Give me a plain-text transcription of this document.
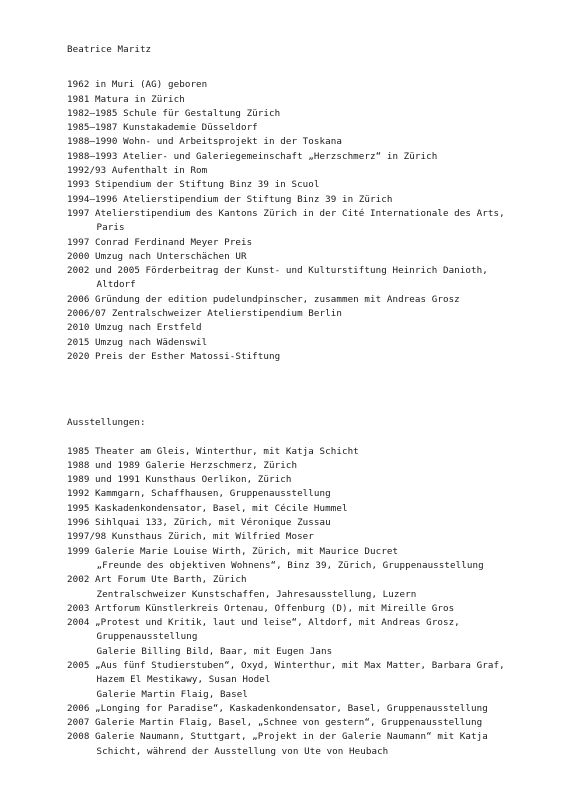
Beatrice Maritz
1962 in Muri (AG) geboren
1981 Matura in Zürich
1982–1985 Schule für Gestaltung Zürich
1985–1987 Kunstakademie Düsseldorf
1988–1990 Wohn- und Arbeitsprojekt in der Toskana
1988–1993 Atelier- und Galeriegemeinschaft „Herzschmerz“ in Zürich
1992/93 Aufenthalt in Rom
1993 Stipendium der Stiftung Binz 39 in Scuol
1994–1996 Atelierstipendium der Stiftung Binz 39 in Zürich
1997 Atelierstipendium des Kantons Zürich in der Cité Internationale des Arts,
Paris
1997 Conrad Ferdinand Meyer Preis
2000 Umzug nach Unterschächen UR
2002 und 2005 Förderbeitrag der Kunst- und Kulturstiftung Heinrich Danioth,
Altdorf
2006 Gründung der edition pudelundpinscher, zusammen mit Andreas Grosz
2006/07 Zentralschweizer Atelierstipendium Berlin
2010 Umzug nach Erstfeld
2015 Umzug nach Wädenswil
2020 Preis der Esther Matossi-Stiftung
Ausstellungen:
1985 Theater am Gleis, Winterthur, mit Katja Schicht
1988 und 1989 Galerie Herzschmerz, Zürich
1989 und 1991 Kunsthaus Oerlikon, Zürich
1992 Kammgarn, Schaffhausen, Gruppenausstellung
1995 Kaskadenkondensator, Basel, mit Cécile Hummel
1996 Sihlquai 133, Zürich, mit Véronique Zussau
1997/98 Kunsthaus Zürich, mit Wilfried Moser
1999 Galerie Marie Louise Wirth, Zürich, mit Maurice Ducret
„Freunde des objektiven Wohnens“, Binz 39, Zürich, Gruppenausstellung
2002 Art Forum Ute Barth, Zürich
Zentralschweizer Kunstschaffen, Jahresausstellung, Luzern
2003 Artforum Künstlerkreis Ortenau, Offenburg (D), mit Mireille Gros
2004 „Protest und Kritik, laut und leise“, Altdorf, mit Andreas Grosz,
Gruppenausstellung
Galerie Billing Bild, Baar, mit Eugen Jans
2005 „Aus fünf Studierstuben“, Oxyd, Winterthur, mit Max Matter, Barbara Graf,
Hazem El Mestikawy, Susan Hodel
Galerie Martin Flaig, Basel
2006 „Longing for Paradise“, Kaskadenkondensator, Basel, Gruppenausstellung
2007 Galerie Martin Flaig, Basel, „Schnee von gestern“, Gruppenausstellung
2008 Galerie Naumann, Stuttgart, „Projekt in der Galerie Naumann“ mit Katja
Schicht, während der Ausstellung von Ute von Heubach
